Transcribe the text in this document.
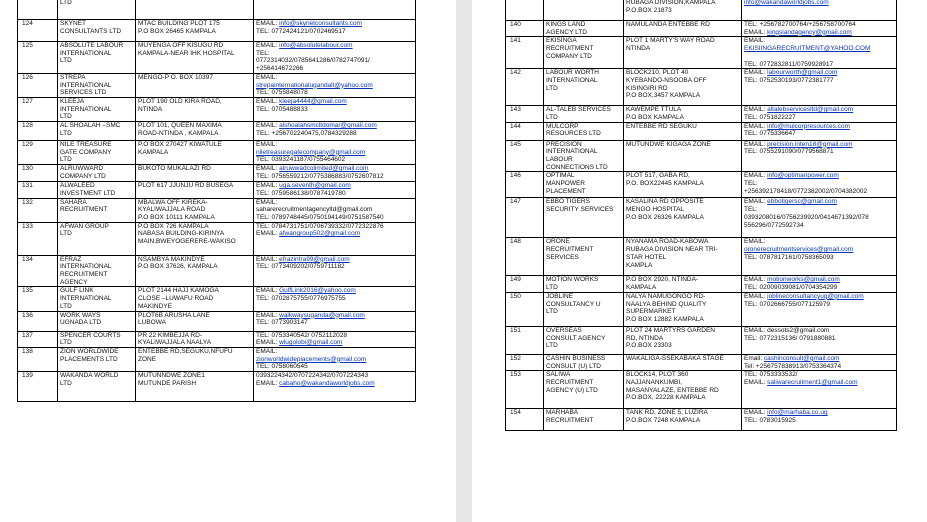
	LTD		
124	SKYNET
CONSULTANTS LTD	MTAC BUILDING PLOT 175
P.O BOX 26465 KAMPALA	EMAIL: info@skynetconsultants.com
TEL: 0772424121/0702469517
125	ABSOLUTE LABOUR
INTERNATIONAL
LTD	MUYENGA OFF KISUGU RD
KAMPALA-NEAR IHK HOSPITAL	EMAIL: info@absolutelabour.com
TEL:
0772314032/0785641286/0782747091/
+256414672266
126	STREPA
INTERNATIONAL
SERVICES LTD	MENGO-P O. BOX 10397	EMAIL:
strepainternationalugandalt@yahoo.com
TEL: 0755848078
127	KLEEJA
INTERNATIONAL
LTD	PLOT 190 OLD KIRA ROAD,
NTINDA	EMAIL: kleeja4444@gmail.com
TEL: 0705488833
128	AL SHOALAH –SMC
LTD	PLOT 101, QUEEN MAXIMA
ROAD-NTINDA , KAMPALA	EMAIL: alshoalahsmcltdomar@gmail.com
TEL: +256702240475,0784329288
129	NILE TREASURE
GATE COMPANY
LTD	P.O BOX 270427 KIWATULE
KAMPALA	EMAIL:
niletreasuregatecompany@gmail.com
TEL: 0393241187/0755464602
130	ALRUWWARD
COMPANY LTD	BUKOTO MUKALAZI RD	EMAIL: alruwwadcolimited@gmail.com
TEL: 0756559212/0775386883/0752607812
131	ALWALEED
INVESTMENT LTD	PLOT 617 JJUNJU RD BUSEGA	EMAIL: uga.seventh@gmail.com
TEL: 0759586138/0787419780
132	SAHARA
RECRUITMENT	MBALWA OFF KIREKA-
KYALIWAJJALA ROAD
P.O BOX 10111 KAMPALA	EMAIL:
saharerecruitmentagencyltd@gmail.com
TEL: 0789748445/0750194149/0751587540
133	AFWAN GROUP
LTD	P.O BOX 726 KAMPALA
NABASA BUILDING-KIRINYA
MAIN,BWEYOGERERE-WAKISO	TEL: 0784731751/0706739332/0772322876
EMAIL: afwangroup502@gmail.com
134	EFRAZ
INTERNATIONAL
RECRUITMENT
AGENCY	NSAMBYA MAKINDYE
P.O BOX 37626, KAMPALA	EMAIL: efrazintra99@gmail.com
TEL: 0773409202/0759711182
135	GULF LINK
INTERNATIONAL
LTD	PLOT 2144 HAJJ KAMOGA
CLOSE –LUWAFU ROAD
MAKINDYE	EMAIL: GulfLink2016@yahoo.com
TEL: 0702875755/0776975755
136	WORK WAYS
UGNADA LTD	PLOT6B ARUSHA LANE
LUBOWA	EMAIL: walkwaysuganda@gmail.com
TEL: 0773903147
137	SPENCER COURTS
LTD	PR 22 KIMBEJJA RD-
KYALIWAJJALA NAALYA	TEL: 0753340542/ 0752112028
EMAIL: wlugolobi@gmail.com
138	ZION WORLDWIDE
PLACEMENTS LTD	ENTEBBE RD,SEGUKU,NFUFU
ZONE	EMAIL:
zionworldwideplacements@gmail.com
TEL: 0758060545
139	WAKANDA WORLD
LTD	MUTUNNDWE ZONE1
MUTUNDE PARISH	0393224342/0707224342/0707224343
EMAIL: cabaho@wakandaworldjobs.com
		RUBAGA DIVISION,KAMPALA
P.O.BOX 21873	info@wakandaworldjobs.com
140	KINGS LAND
AGENCY LTD	NAMULANDA ENTEBBE RD	TEL: +256782700764/+256758700764
EMAIL: kingslandagency@gmail.com
141	EKISINGA
RECRUITMENT
COMPANY LTD	PLOT 1 MARTY'S WAY ROAD
NTINDA	EMAIL:
EKISIINGARECRUITMENT@YAHOO.COM

TEL: 0772832811/0759928917
142	LABOUR WORTH
INTERNATIONAL
LTD	BLOCK210, PLOT 40
KYEBANDO-NSOOBA OFF
KISINGIRI RD
P.O BOX,3457 KAMPALA	EMAIL: labourworth@gmail.com
TEL: 0752530193/0772381777
143	AL-TALEB SERVICES
LTD	KAWEMPE TTULA
P.O BOX KAMPALA	EMAIL: altalebservicesltd@gmail.com
TEL: 0751822227
144	MULCORP
RESOURCES LTD	ENTEBBE RD SEGUKU	EMAIL: info@mulcorpresources.com
TEL: 0775336647
145	PRECISION
INTERNATIONAL
LABOUR
CONNECTIONS LTD	MUTUNDWE KIGAGA ZONE	EMAIL: precision.inten18@gmail.com
TEL: 0755291090/0779568871
146	OPTIMAL
MANPOWER
PLACEMENT	PLOT 517, GABA RD,
P.O. BOX22445 KAMPALA	EMAIL: info@optimanpower.com
TEL:
+256392178418/0772382002/0704382002
147	EBBO TIGERS
SECURITY SERVICES	KASALINA RD OPPOSITE
MENGO HOSPITAL
P.O BOX 26326 KAMPALA	EMAIL: ebbotigersc@gmail.com
TEL:
0393208016/0756239920/0414671392/078
556296/0772592734
148	ORONE
RECRUITMENT
SERVICES	NYANAMA ROAD-KABOWA
RUBAGA DIVISION NEAR TRI-
STAR HOTEL
KAMPLA	EMAIL:
oronerecruitmentservices@gmail.com
TEL: 0787817161/0758365093
149	MOTION WORKS
LTD	P.O BOX 2920, NTINDA-
KAMPALA	EMAIL: motionworks@gmail.com
TEL: 02009039081/0704354299
150	JOBLINE
CONSULTANCY U
LTD	NALYA NAMUGONGO RD-
NAALYA BEHIND QUALITY
SUPERMARKET
P.O BOX 12882 KAMPALA	EMAIL: joblineconsultancyug@gmail.com
TEL: 0702666755/077125979
151	OVERSEAS
CONSULT AGENCY
LTD	PLOT 24 MARTYRS GARDEN
RD, NTINDA
P.O.BOX 23303	EMAIL: dessots2@gmail.com
TEL: 0772315136/ 0791880881
152	CASHIN BUSINESS
CONSULT (U) LTD	WAKALIGA-SSEKABAKA STAGE	Email: cashinconsult@gmail.com
Tel: +256757838913/0753364374
153	SALIWA
RECRUITMENT
AGENCY (U) LTD	BLOCK14, PLOT 360
NAJJANANKUMBI,
MASANYALAZE, ENTEBBE RD
P.O.BOX, 22228 KAMPALA	TEL: 0753333532/
EMAIL: saliwarecruitment1@gmail.com
154	MARHABA
RECRUITMENT	TANK RD, ZONE 5, LUZIRA
P.O.BOX 7248 KAMPALA	EMAIL: info@marhaba.co.ug
TEL: 0783015925
